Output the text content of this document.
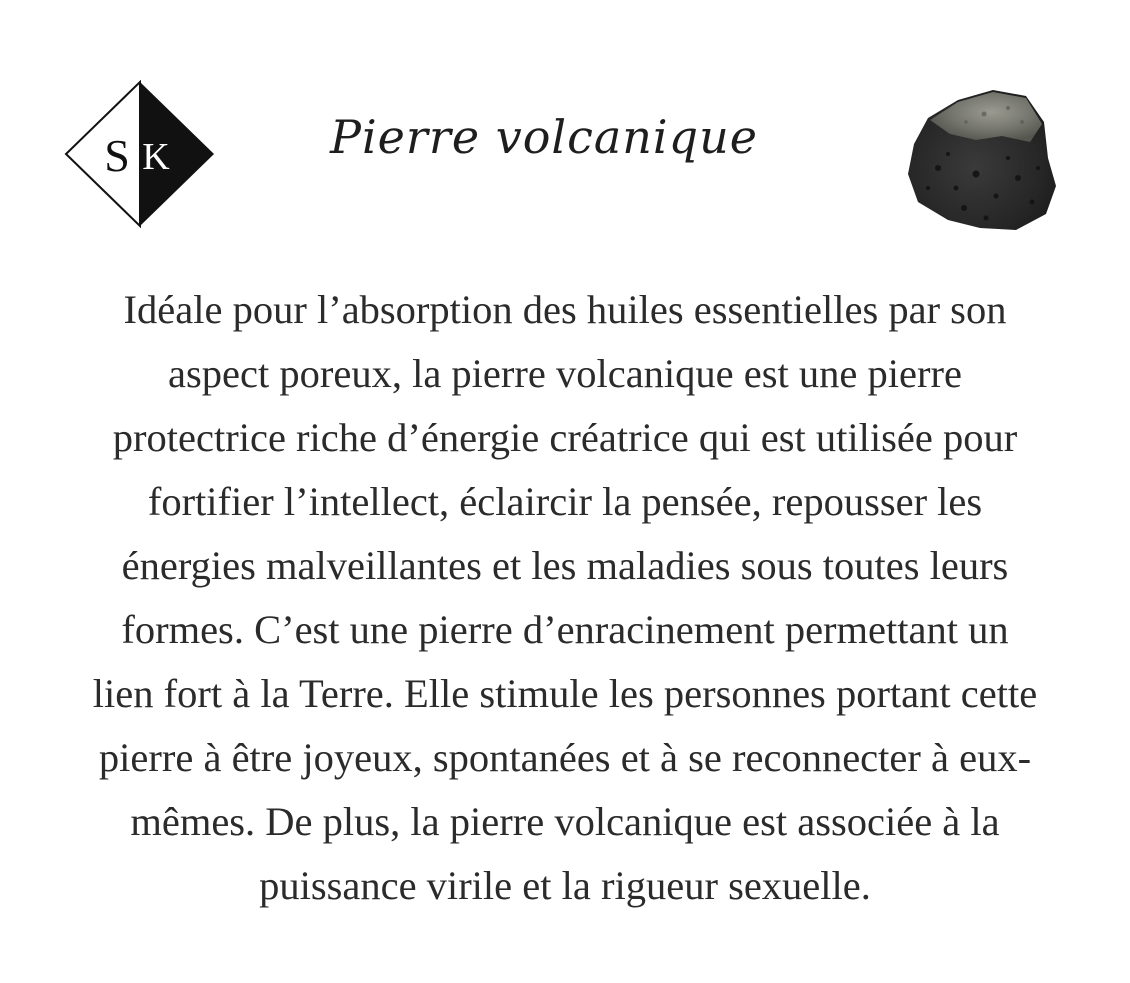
S K	Pierre volcanique

Idéale pour l’absorption des huiles essentielles par son
aspect poreux, la pierre volcanique est une pierre
protectrice riche d’énergie créatrice qui est utilisée pour
fortifier l’intellect, éclaircir la pensée, repousser les
énergies malveillantes et les maladies sous toutes leurs
formes. C’est une pierre d’enracinement permettant un
lien fort à la Terre. Elle stimule les personnes portant cette
pierre à être joyeux, spontanées et à se reconnecter à eux-
mêmes. De plus, la pierre volcanique est associée à la
puissance virile et la rigueur sexuelle.
